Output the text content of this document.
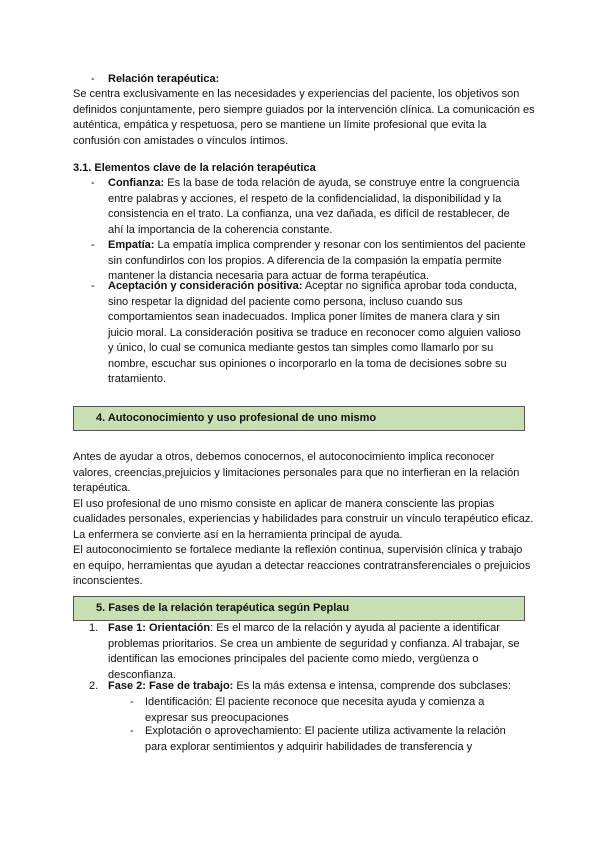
- Relación terapéutica:

Se centra exclusivamente en las necesidades y experiencias del paciente, los objetivos son definidos conjuntamente, pero siempre guiados por la intervención clínica. La comunicación es auténtica, empática y respetuosa, pero se mantiene un límite profesional que evita la confusión con amistades o vínculos íntimos.

3.1. Elementos clave de la relación terapéutica

- Confianza: Es la base de toda relación de ayuda, se construye entre la congruencia entre palabras y acciones, el respeto de la confidencialidad, la disponibilidad y la consistencia en el trato. La confianza, una vez dañada, es difícil de restablecer, de ahí la importancia de la coherencia constante.

- Empatía: La empatía implica comprender y resonar con los sentimientos del paciente sin confundirlos con los propios. A diferencia de la compasión la empatía permite mantener la distancia necesaria para actuar de forma terapéutica.

- Aceptación y consideración positiva: Aceptar no significa aprobar toda conducta, sino respetar la dignidad del paciente como persona, incluso cuando sus comportamientos sean inadecuados. Implica poner límites de manera clara y sin juicio moral. La consideración positiva se traduce en reconocer como alguien valioso y único, lo cual se comunica mediante gestos tan simples como llamarlo por su nombre, escuchar sus opiniones o incorporarlo en la toma de decisiones sobre su tratamiento.

4. Autoconocimiento y uso profesional de uno mismo

Antes de ayudar a otros, debemos conocernos, el autoconocimiento implica reconocer valores, creencias,prejuicios y limitaciones personales para que no interfieran en la relación terapéutica.

El uso profesional de uno mismo consiste en aplicar de manera consciente las propias cualidades personales, experiencias y habilidades para construir un vínculo terapéutico eficaz. La enfermera se convierte así en la herramienta principal de ayuda.

El autoconocimiento se fortalece mediante la reflexión continua, supervisión clínica y trabajo en equipo, herramientas que ayudan a detectar reacciones contratransferenciales o prejuicios inconscientes.

5. Fases de la relación terapéutica según Peplau
1. Fase 1: Orientación: Es el marco de la relación y ayuda al paciente a identificar problemas prioritarios. Se crea un ambiente de seguridad y confianza. Al trabajar, se identifican las emociones principales del paciente como miedo, vergüenza o desconfianza.

2. Fase 2: Fase de trabajo: Es la más extensa e intensa, comprende dos subclases:

- Identificación: El paciente reconoce que necesita ayuda y comienza a expresar sus preocupaciones

- Explotación o aprovechamiento: El paciente utiliza activamente la relación para explorar sentimientos y adquirir habilidades de transferencia y
